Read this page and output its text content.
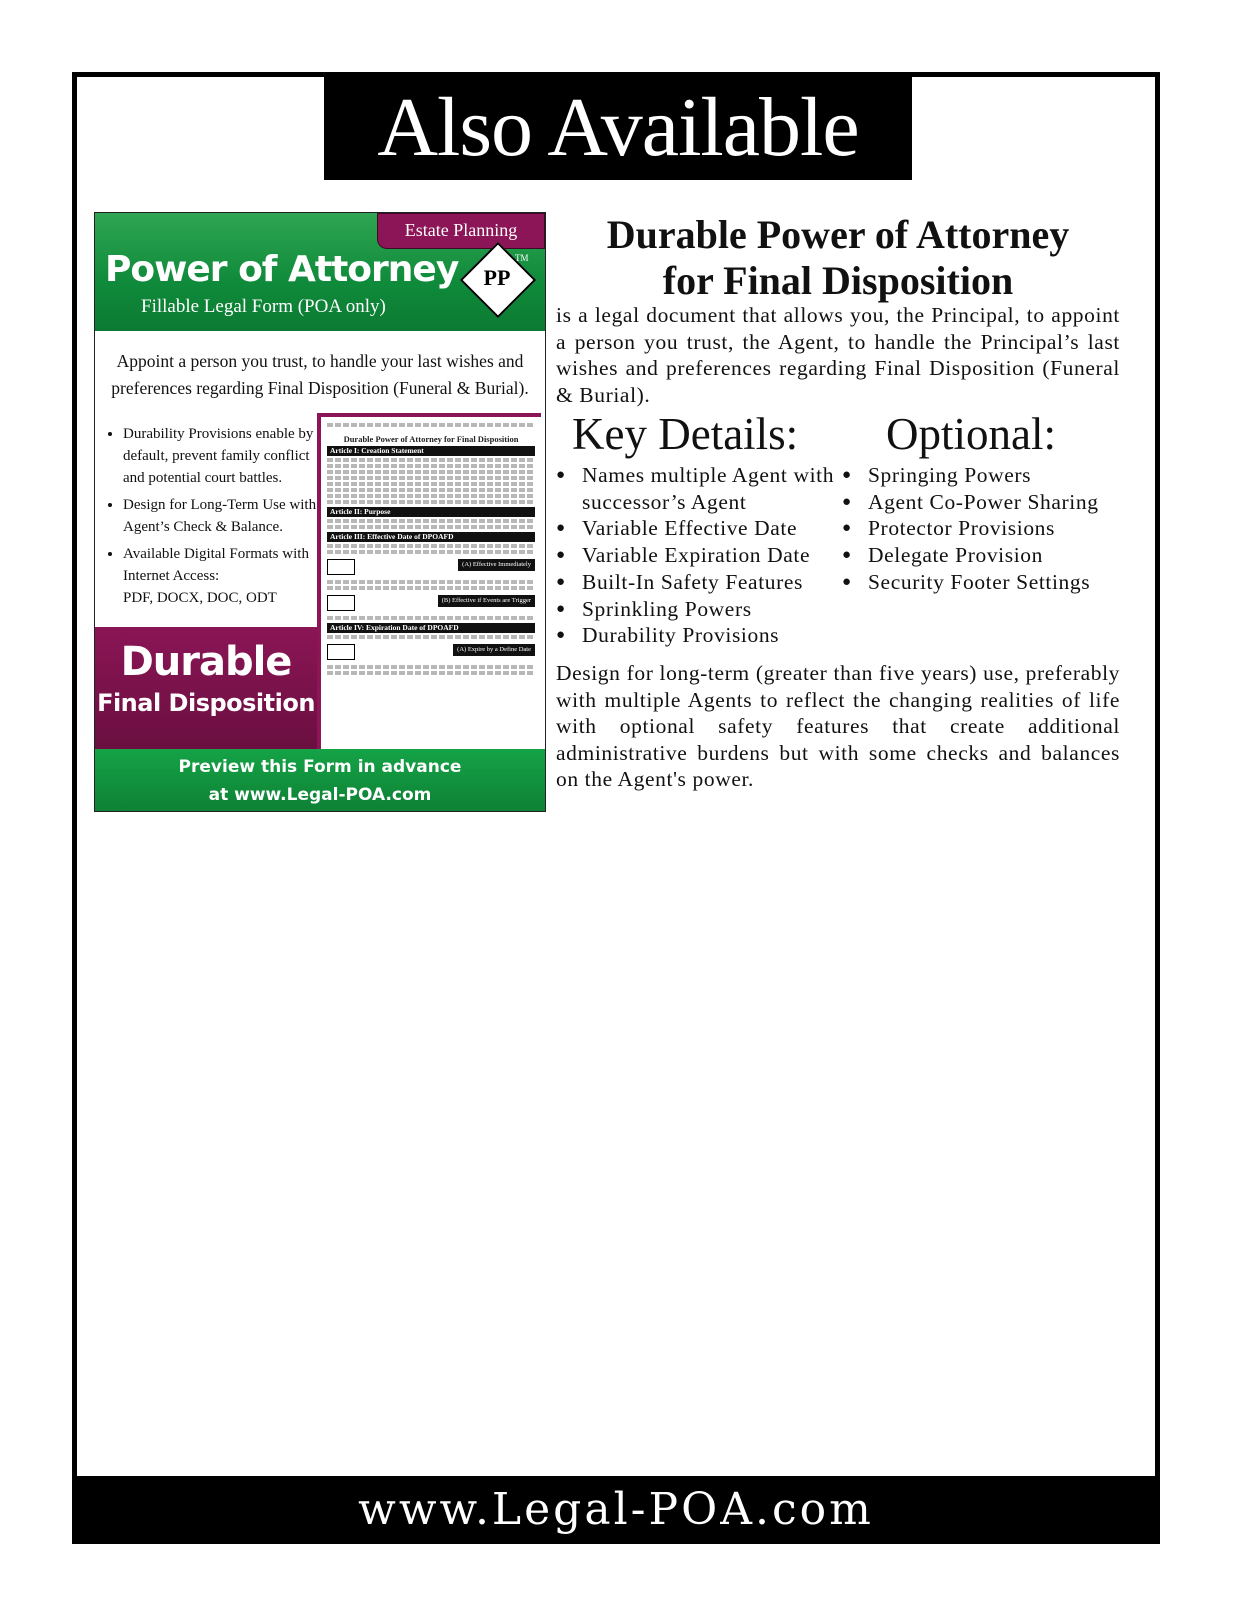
Also Available
Estate Planning
Power of Attorney
Fillable Legal Form (POA only)
PP
TM
Appoint a person you trust, to handle your last wishes and preferences regarding Final Disposition (Funeral & Burial).
• Durability Provisions enable by default, prevent family conflict and potential court battles.
• Design for Long-Term Use with Agent’s Check & Balance.
• Available Digital Formats with Internet Access:
PDF, DOCX, DOC, ODT
Durable Power of Attorney for Final Disposition
Article I: Creation Statement
Article II: Purpose
Article III: Effective Date of DPOAFD
(A) Effective Immediately
(B) Effective if Events are Trigger
Article IV: Expiration Date of DPOAFD
(A) Expire by a Define Date
Durable
Final Disposition
Preview this Form in advance
at www.Legal-POA.com
Durable Power of Attorney
for Final Disposition

is a legal document that allows you, the Principal, to appoint a person you trust, the Agent, to handle the Principal’s last wishes and preferences regarding Final Disposition (Funeral & Burial).

Key Details: Optional:
● Names multiple Agent with successor’s Agent
● Variable Effective Date
● Variable Expiration Date
● Built-In Safety Features
● Sprinkling Powers
● Durability Provisions
● Springing Powers
● Agent Co-Power Sharing
● Protector Provisions
● Delegate Provision
● Security Footer Settings

Design for long-term (greater than five years) use, preferably with multiple Agents to reflect the changing realities of life with optional safety features that create additional administrative burdens but with some checks and balances on the Agent's power.

www.Legal-POA.com
